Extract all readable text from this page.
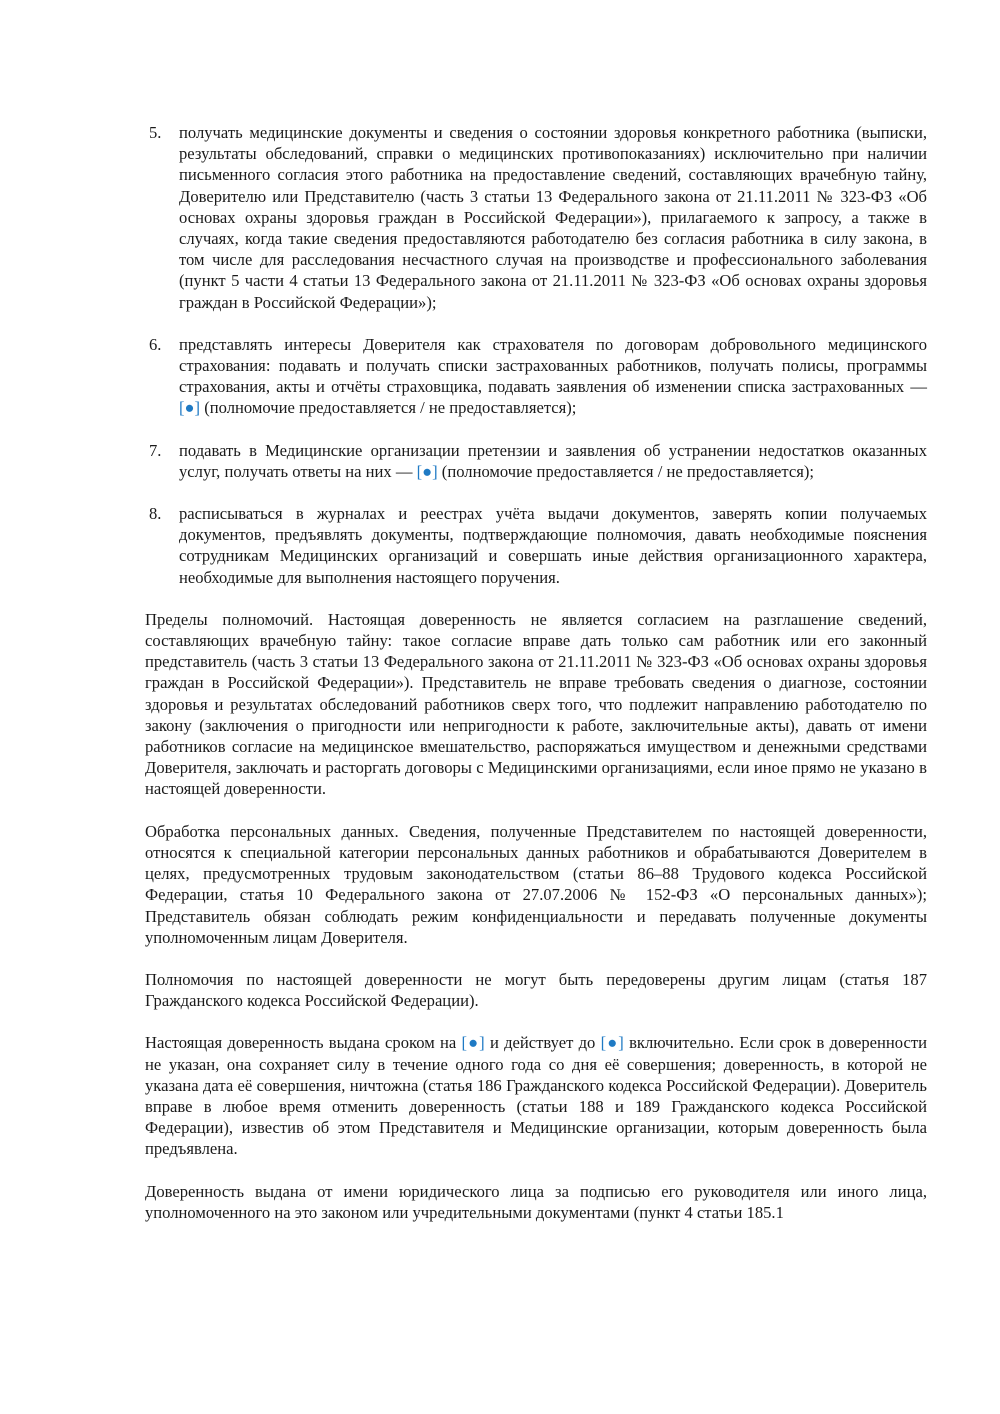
5. получать медицинские документы и сведения о состоянии здоровья конкретного работника (выписки, результаты обследований, справки о медицинских противопоказаниях) исключительно при наличии письменного согласия этого работника на предоставление сведений, составляющих врачебную тайну, Доверителю или Представителю (часть 3 статьи 13 Федерального закона от 21.11.2011 № 323-ФЗ «Об основах охраны здоровья граждан в Российской Федерации»), прилагаемого к запросу, а также в случаях, когда такие сведения предоставляются работодателю без согласия работника в силу закона, в том числе для расследования несчастного случая на производстве и профессионального заболевания (пункт 5 части 4 статьи 13 Федерального закона от 21.11.2011 № 323-ФЗ «Об основах охраны здоровья граждан в Российской Федерации»);
6. представлять интересы Доверителя как страхователя по договорам добровольного медицинского страхования: подавать и получать списки застрахованных работников, получать полисы, программы страхования, акты и отчёты страховщика, подавать заявления об изменении списка застрахованных — [●] (полномочие предоставляется / не предоставляется);
7. подавать в Медицинские организации претензии и заявления об устранении недостатков оказанных услуг, получать ответы на них — [●] (полномочие предоставляется / не предоставляется);
8. расписываться в журналах и реестрах учёта выдачи документов, заверять копии получаемых документов, предъявлять документы, подтверждающие полномочия, давать необходимые пояснения сотрудникам Медицинских организаций и совершать иные действия организационного характера, необходимые для выполнения настоящего поручения.

Пределы полномочий. Настоящая доверенность не является согласием на разглашение сведений, составляющих врачебную тайну: такое согласие вправе дать только сам работник или его законный представитель (часть 3 статьи 13 Федерального закона от 21.11.2011 № 323-ФЗ «Об основах охраны здоровья граждан в Российской Федерации»). Представитель не вправе требовать сведения о диагнозе, состоянии здоровья и результатах обследований работников сверх того, что подлежит направлению работодателю по закону (заключения о пригодности или непригодности к работе, заключительные акты), давать от имени работников согласие на медицинское вмешательство, распоряжаться имуществом и денежными средствами Доверителя, заключать и расторгать договоры с Медицинскими организациями, если иное прямо не указано в настоящей доверенности.

Обработка персональных данных. Сведения, полученные Представителем по настоящей доверенности, относятся к специальной категории персональных данных работников и обрабатываются Доверителем в целях, предусмотренных трудовым законодательством (статьи 86–88 Трудового кодекса Российской Федерации, статья 10 Федерального закона от 27.07.2006 № 152-ФЗ «О персональных данных»); Представитель обязан соблюдать режим конфиденциальности и передавать полученные документы уполномоченным лицам Доверителя.

Полномочия по настоящей доверенности не могут быть передоверены другим лицам (статья 187 Гражданского кодекса Российской Федерации).

Настоящая доверенность выдана сроком на [●] и действует до [●] включительно. Если срок в доверенности не указан, она сохраняет силу в течение одного года со дня её совершения; доверенность, в которой не указана дата её совершения, ничтожна (статья 186 Гражданского кодекса Российской Федерации). Доверитель вправе в любое время отменить доверенность (статьи 188 и 189 Гражданского кодекса Российской Федерации), известив об этом Представителя и Медицинские организации, которым доверенность была предъявлена.

Доверенность выдана от имени юридического лица за подписью его руководителя или иного лица, уполномоченного на это законом или учредительными документами (пункт 4 статьи 185.1
